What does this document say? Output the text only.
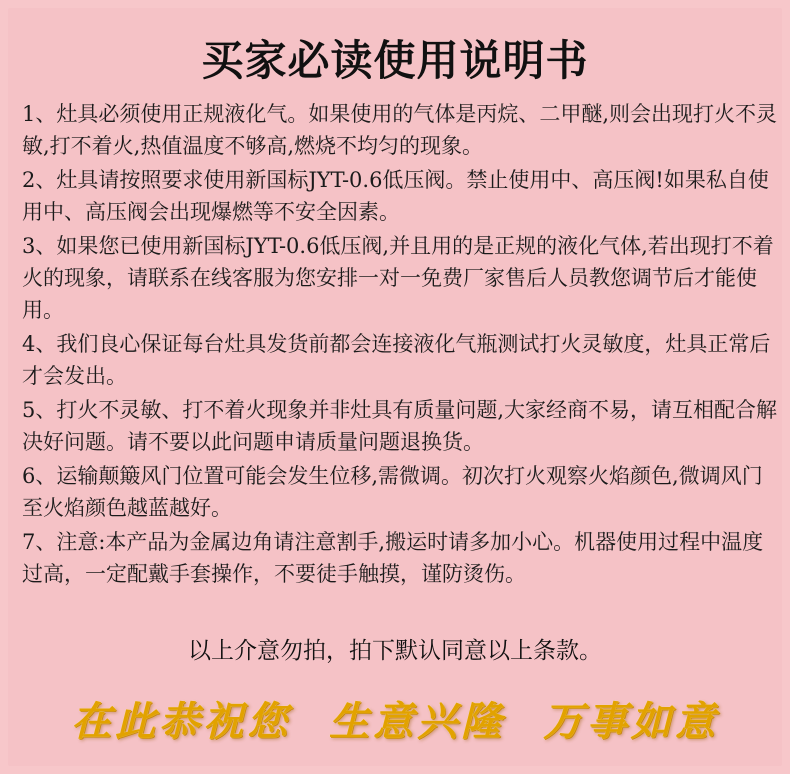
买家必读使用说明书
1、灶具必须使用正规液化气。如果使用的气体是丙烷、二甲醚,则会出现打火不灵敏,打不着火,热值温度不够高,燃烧不均匀的现象。
2、灶具请按照要求使用新国标JYT-0.6低压阀。禁止使用中、高压阀!如果私自使用中、高压阀会出现爆燃等不安全因素。
3、如果您已使用新国标JYT-0.6低压阀,并且用的是正规的液化气体,若出现打不着火的现象，请联系在线客服为您安排一对一免费厂家售后人员教您调节后才能使用。
4、我们良心保证每台灶具发货前都会连接液化气瓶测试打火灵敏度，灶具正常后才会发出。
5、打火不灵敏、打不着火现象并非灶具有质量问题,大家经商不易，请互相配合解决好问题。请不要以此问题申请质量问题退换货。
6、运输颠簸风门位置可能会发生位移,需微调。初次打火观察火焰颜色,微调风门至火焰颜色越蓝越好。
7、注意:本产品为金属边角请注意割手,搬运时请多加小心。机器使用过程中温度过高，一定配戴手套操作，不要徒手触摸，谨防烫伤。
以上介意勿拍，拍下默认同意以上条款。
在此恭祝您 生意兴隆 万事如意
